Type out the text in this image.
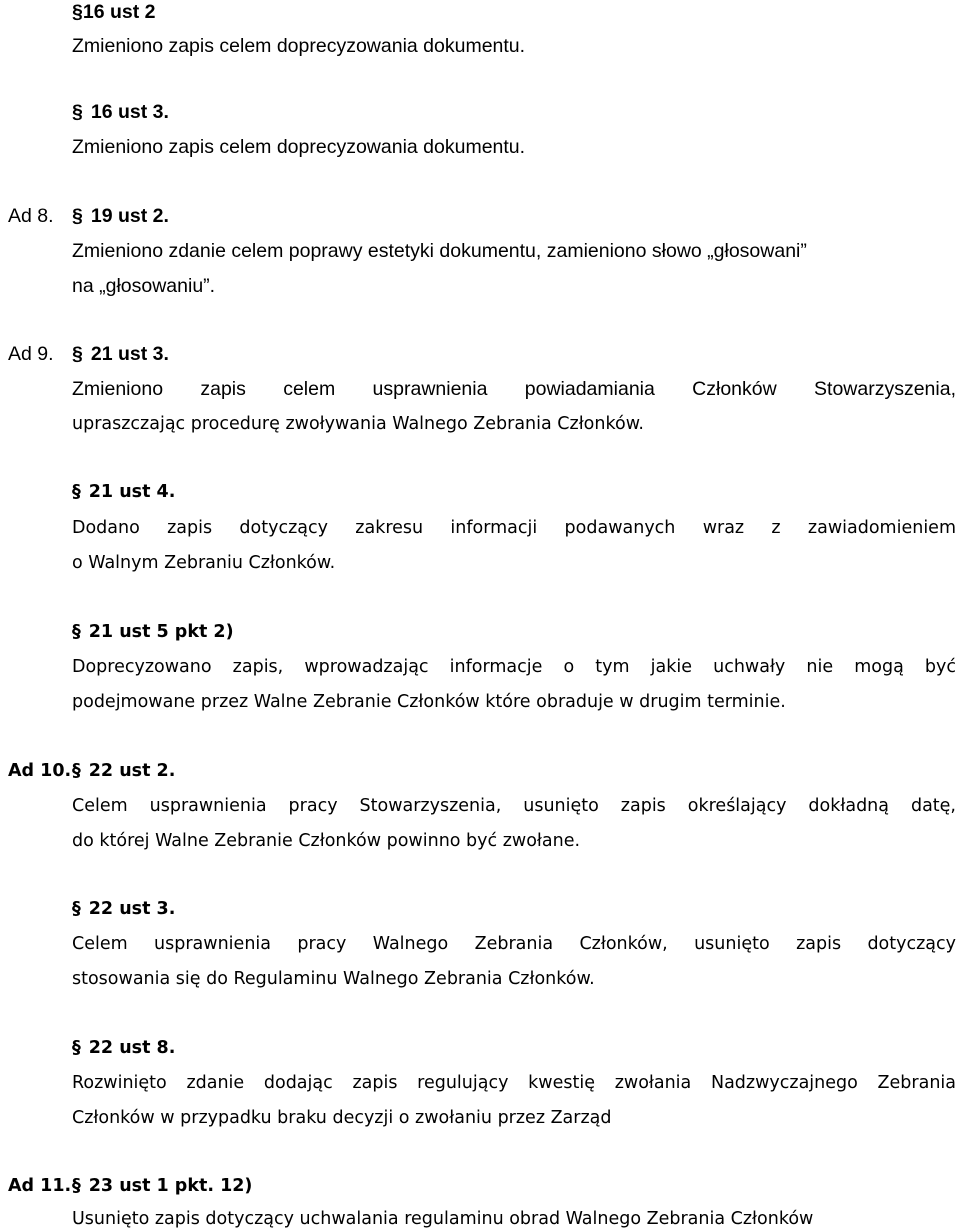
§16 ust 2
Zmieniono zapis celem doprecyzowania dokumentu.
§ 16 ust 3.
Zmieniono zapis celem doprecyzowania dokumentu.
Ad 8. § 19 ust 2.
Zmieniono zdanie celem poprawy estetyki dokumentu, zamieniono słowo „głosowani”
na „głosowaniu”.
Ad 9. § 21 ust 3.
Zmieniono zapis celem usprawnienia powiadamiania Członków Stowarzyszenia,
upraszczając procedurę zwoływania Walnego Zebrania Członków.
§ 21 ust 4.
Dodano zapis dotyczący zakresu informacji podawanych wraz z zawiadomieniem
o Walnym Zebraniu Członków.
§ 21 ust 5 pkt 2)
Doprecyzowano zapis, wprowadzając informacje o tym jakie uchwały nie mogą być
podejmowane przez Walne Zebranie Członków które obraduje w drugim terminie.
Ad 10. § 22 ust 2.
Celem usprawnienia pracy Stowarzyszenia, usunięto zapis określający dokładną datę,
do której Walne Zebranie Członków powinno być zwołane.
§ 22 ust 3.
Celem usprawnienia pracy Walnego Zebrania Członków, usunięto zapis dotyczący
stosowania się do Regulaminu Walnego Zebrania Członków.
§ 22 ust 8.
Rozwinięto zdanie dodając zapis regulujący kwestię zwołania Nadzwyczajnego Zebrania
Członków w przypadku braku decyzji o zwołaniu przez Zarząd
Ad 11. § 23 ust 1 pkt. 12)
Usunięto zapis dotyczący uchwalania regulaminu obrad Walnego Zebrania Członków
